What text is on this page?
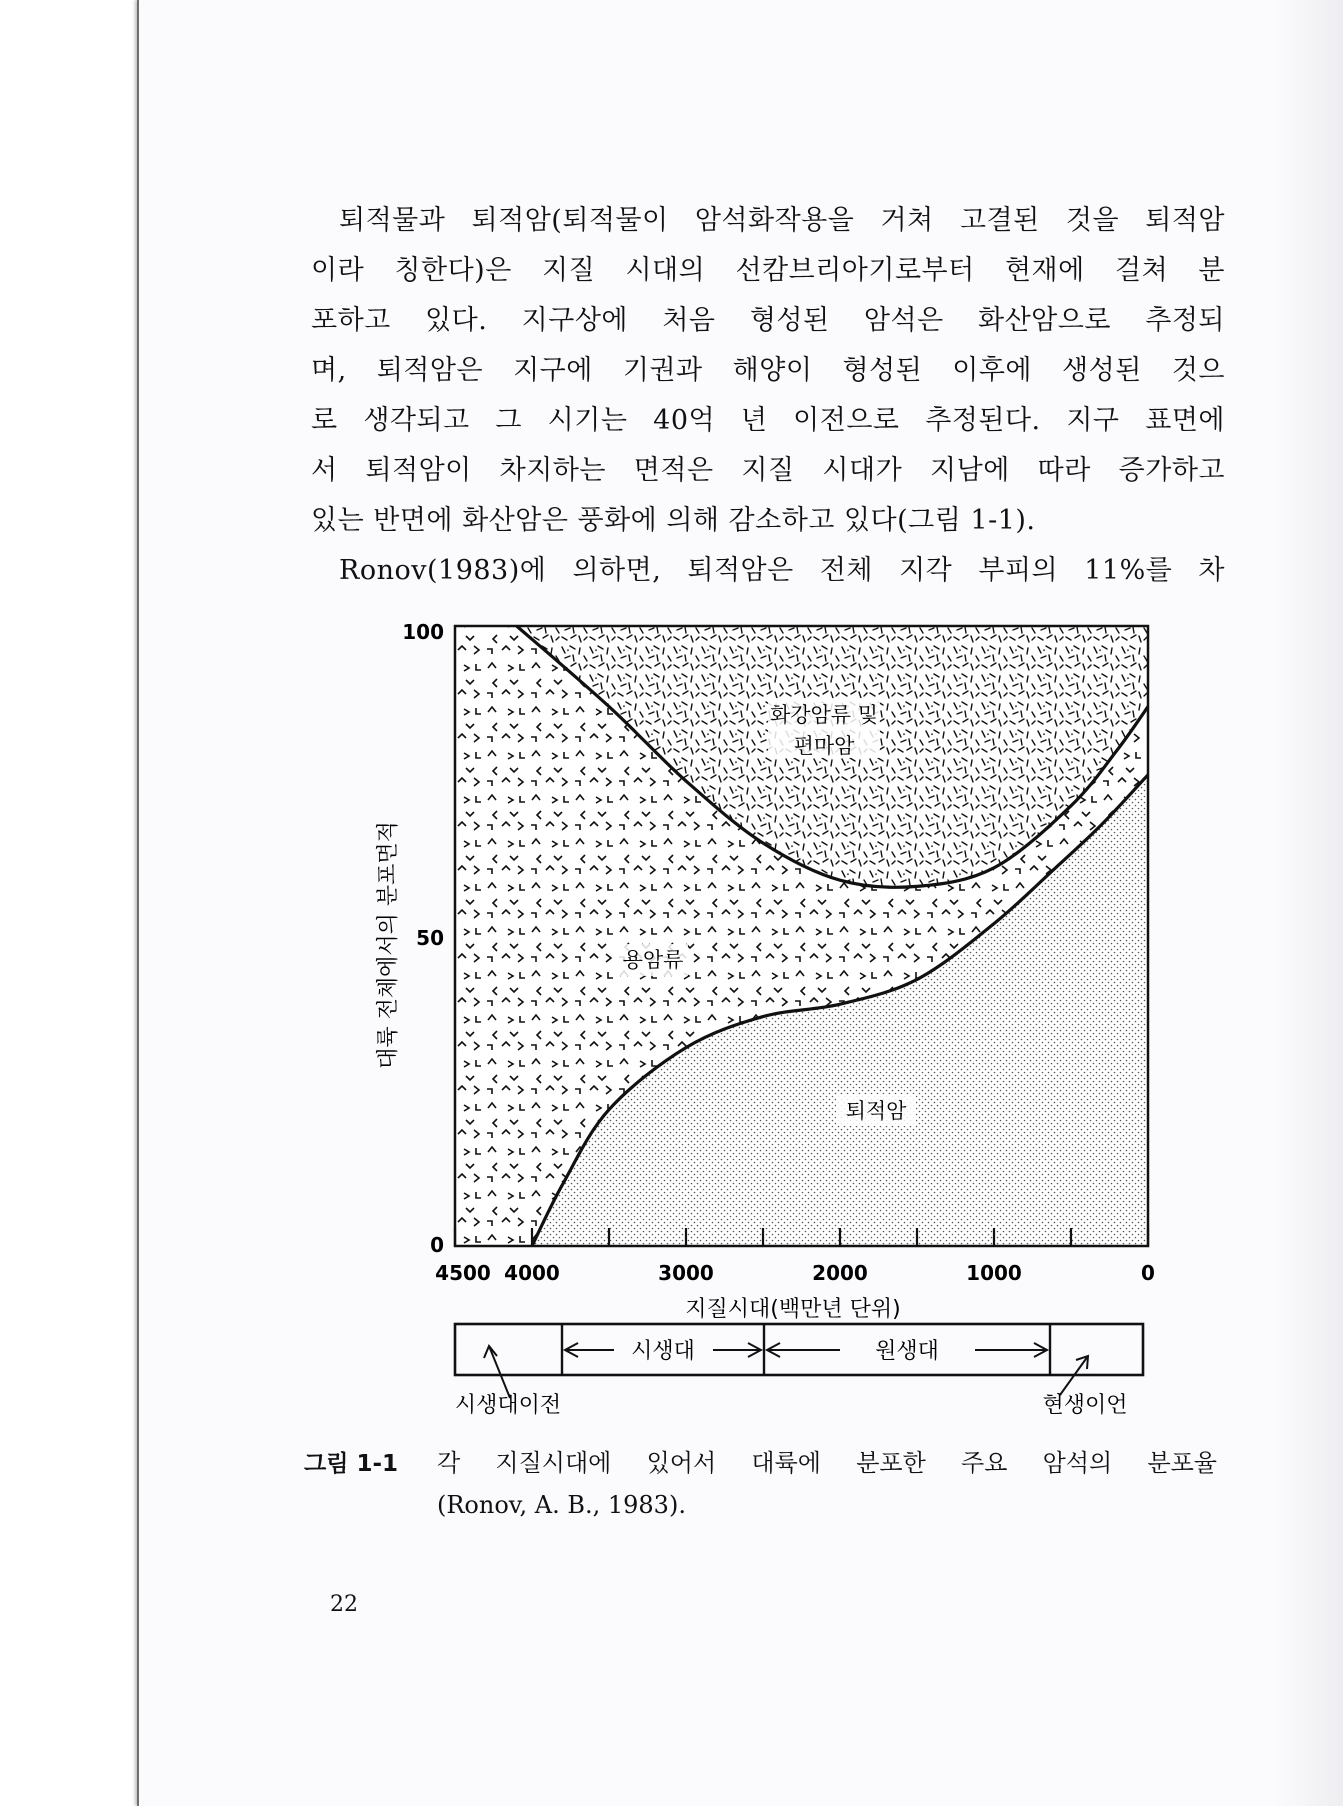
퇴적물과 퇴적암(퇴적물이 암석화작용을 거쳐 고결된 것을 퇴적암
이라 칭한다)은 지질 시대의 선캄브리아기로부터 현재에 걸쳐 분
포하고 있다. 지구상에 처음 형성된 암석은 화산암으로 추정되
며, 퇴적암은 지구에 기권과 해양이 형성된 이후에 생성된 것으
로 생각되고 그 시기는 40억 년 이전으로 추정된다. 지구 표면에
서 퇴적암이 차지하는 면적은 지질 시대가 지남에 따라 증가하고
있는 반면에 화산암은 풍화에 의해 감소하고 있다(그림 1-1).
Ronov(1983)에 의하면, 퇴적암은 전체 지각 부피의 11%를 차
화강암류 및
편마암
용암류
퇴적암
100
50
0
4500 4000	3000	2000	1000	0
지질시대(백만년 단위)
대륙 전체에서의 분포면적
시생대	원생대
시생대이전	현생이언
그림 1-1 각 지질시대에 있어서 대륙에 분포한 주요 암석의 분포율
(Ronov, A. B., 1983).
22
